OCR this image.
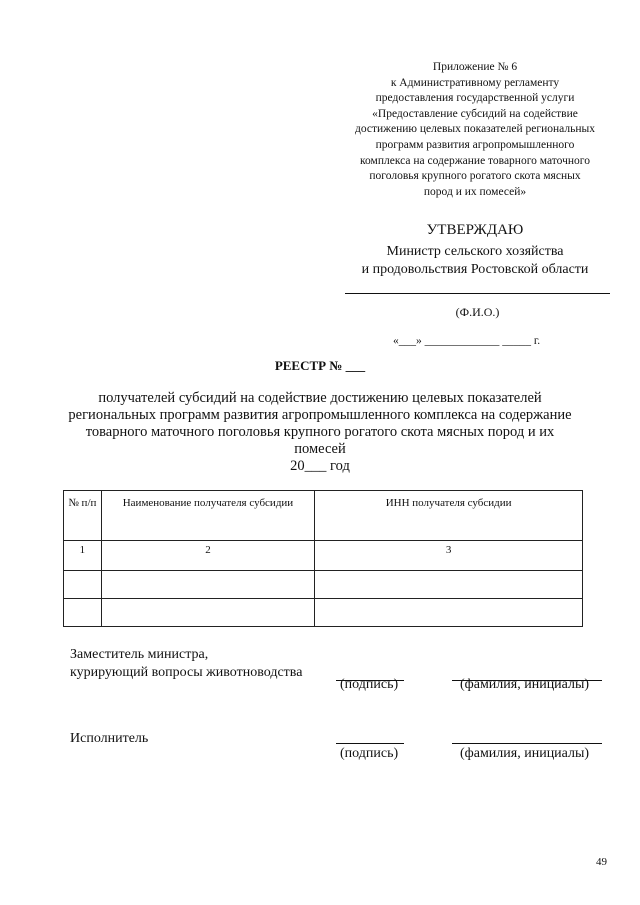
Приложение № 6
к Административному регламенту
предоставления государственной услуги
«Предоставление субсидий на содействие
достижению целевых показателей региональных
программ развития агропромышленного
комплекса на содержание товарного маточного
поголовья крупного рогатого скота мясных
пород и их помесей»
УТВЕРЖДАЮ
Министр сельского хозяйства
и продовольствия Ростовской области
(Ф.И.О.)
«___» _____________ _____ г.
РЕЕСТР № ___
получателей субсидий на содействие достижению целевых показателей
региональных программ развития агропромышленного комплекса на содержание
товарного маточного поголовья крупного рогатого скота мясных пород и их
помесей
20___ год
№ п/п	Наименование получателя субсидии	ИНН получателя субсидии
1	2	3

Заместитель министра,
курирующий вопросы животноводства
(подпись)	(фамилия, инициалы)
Исполнитель
(подпись)	(фамилия, инициалы)
49
